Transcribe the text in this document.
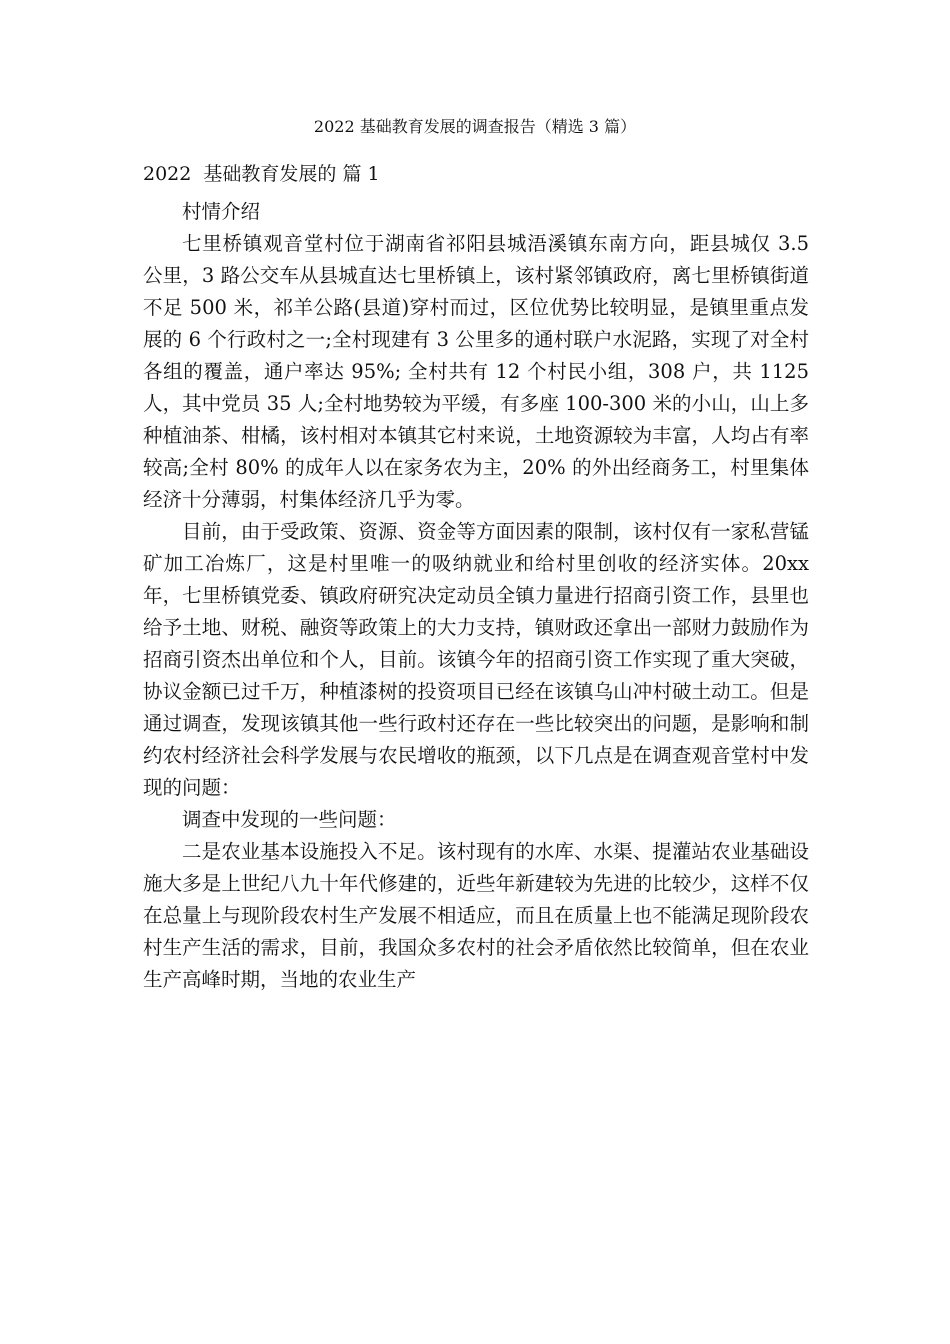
2022 基础教育发展的调查报告（精选 3 篇）
2022  基础教育发展的 篇 1

村情介绍

七里桥镇观音堂村位于湖南省祁阳县城浯溪镇东南方向，距县城仅 3.5 公里，3 路公交车从县城直达七里桥镇上，该村紧邻镇政府，离七里桥镇街道不足 500 米，祁羊公路(县道)穿村而过，区位优势比较明显，是镇里重点发展的 6 个行政村之一;全村现建有 3 公里多的通村联户水泥路，实现了对全村各组的覆盖，通户率达 95%; 全村共有 12 个村民小组，308 户，共 1125 人，其中党员 35 人;全村地势较为平缓，有多座 100-300 米的小山，山上多种植油茶、柑橘，该村相对本镇其它村来说，土地资源较为丰富，人均占有率较高;全村 80% 的成年人以在家务农为主，20% 的外出经商务工，村里集体经济十分薄弱，村集体经济几乎为零。

目前，由于受政策、资源、资金等方面因素的限制，该村仅有一家私营锰矿加工冶炼厂，这是村里唯一的吸纳就业和给村里创收的经济实体。20xx 年，七里桥镇党委、镇政府研究决定动员全镇力量进行招商引资工作，县里也给予土地、财税、融资等政策上的大力支持，镇财政还拿出一部财力鼓励作为招商引资杰出单位和个人，目前。该镇今年的招商引资工作实现了重大突破，协议金额已过千万，种植漆树的投资项目已经在该镇乌山冲村破土动工。但是通过调查，发现该镇其他一些行政村还存在一些比较突出的问题，是影响和制约农村经济社会科学发展与农民增收的瓶颈，以下几点是在调查观音堂村中发现的问题：

调查中发现的一些问题：

二是农业基本设施投入不足。该村现有的水库、水渠、提灌站农业基础设施大多是上世纪八九十年代修建的，近些年新建较为先进的比较少，这样不仅在总量上与现阶段农村生产发展不相适应，而且在质量上也不能满足现阶段农村生产生活的需求，目前，我国众多农村的社会矛盾依然比较简单，但在农业生产高峰时期，当地的农业生产
